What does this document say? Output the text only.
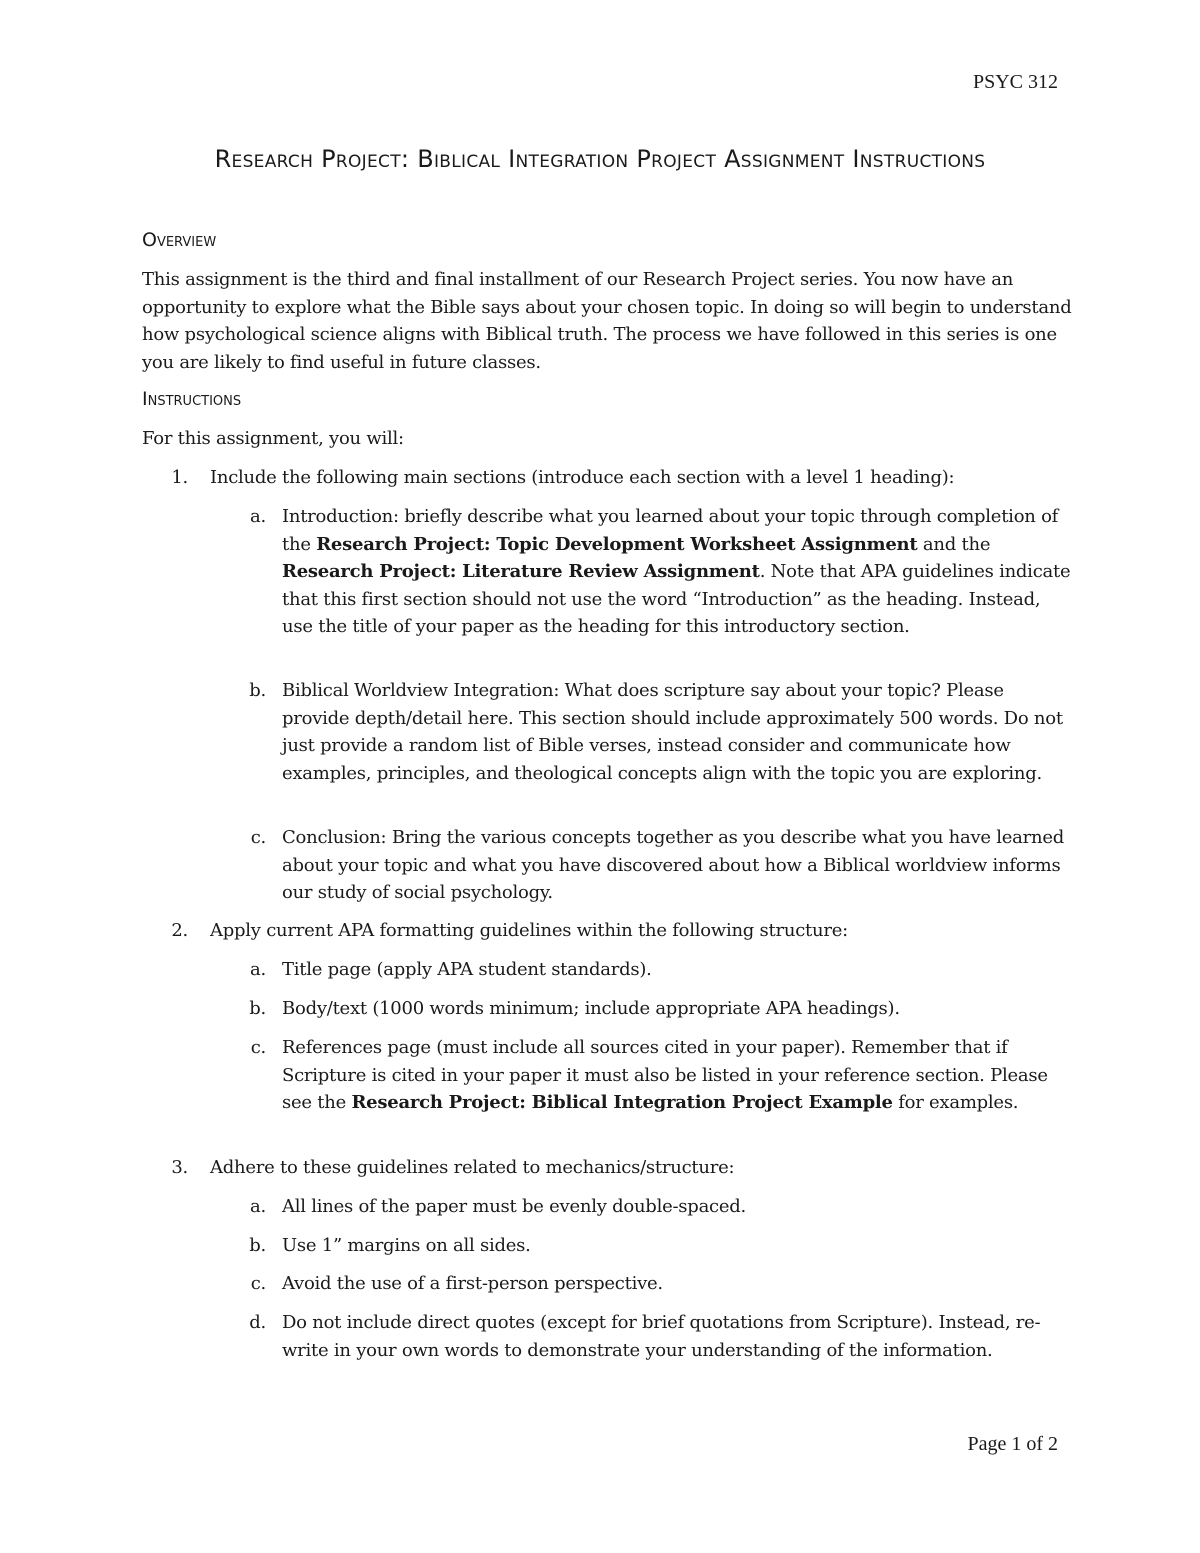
PSYC 312
Research Project: Biblical Integration Project Assignment Instructions
Overview

This assignment is the third and final installment of our Research Project series. You now have an opportunity to explore what the Bible says about your chosen topic. In doing so will begin to understand how psychological science aligns with Biblical truth. The process we have followed in this series is one you are likely to find useful in future classes.

Instructions

For this assignment, you will:

1. Include the following main sections (introduce each section with a level 1 heading):
a. Introduction: briefly describe what you learned about your topic through completion of the Research Project: Topic Development Worksheet Assignment and the Research Project: Literature Review Assignment. Note that APA guidelines indicate that this first section should not use the word “Introduction” as the heading. Instead, use the title of your paper as the heading for this introductory section.
b. Biblical Worldview Integration: What does scripture say about your topic? Please provide depth/detail here. This section should include approximately 500 words. Do not just provide a random list of Bible verses, instead consider and communicate how examples, principles, and theological concepts align with the topic you are exploring.
c. Conclusion: Bring the various concepts together as you describe what you have learned about your topic and what you have discovered about how a Biblical worldview informs our study of social psychology.
2. Apply current APA formatting guidelines within the following structure:
a. Title page (apply APA student standards).
b. Body/text (1000 words minimum; include appropriate APA headings).
c. References page (must include all sources cited in your paper). Remember that if Scripture is cited in your paper it must also be listed in your reference section. Please see the Research Project: Biblical Integration Project Example for examples.
3. Adhere to these guidelines related to mechanics/structure:
a. All lines of the paper must be evenly double-spaced.
b. Use 1” margins on all sides.
c. Avoid the use of a first-person perspective.
d. Do not include direct quotes (except for brief quotations from Scripture). Instead, re-write in your own words to demonstrate your understanding of the information.
Page 1 of 2
